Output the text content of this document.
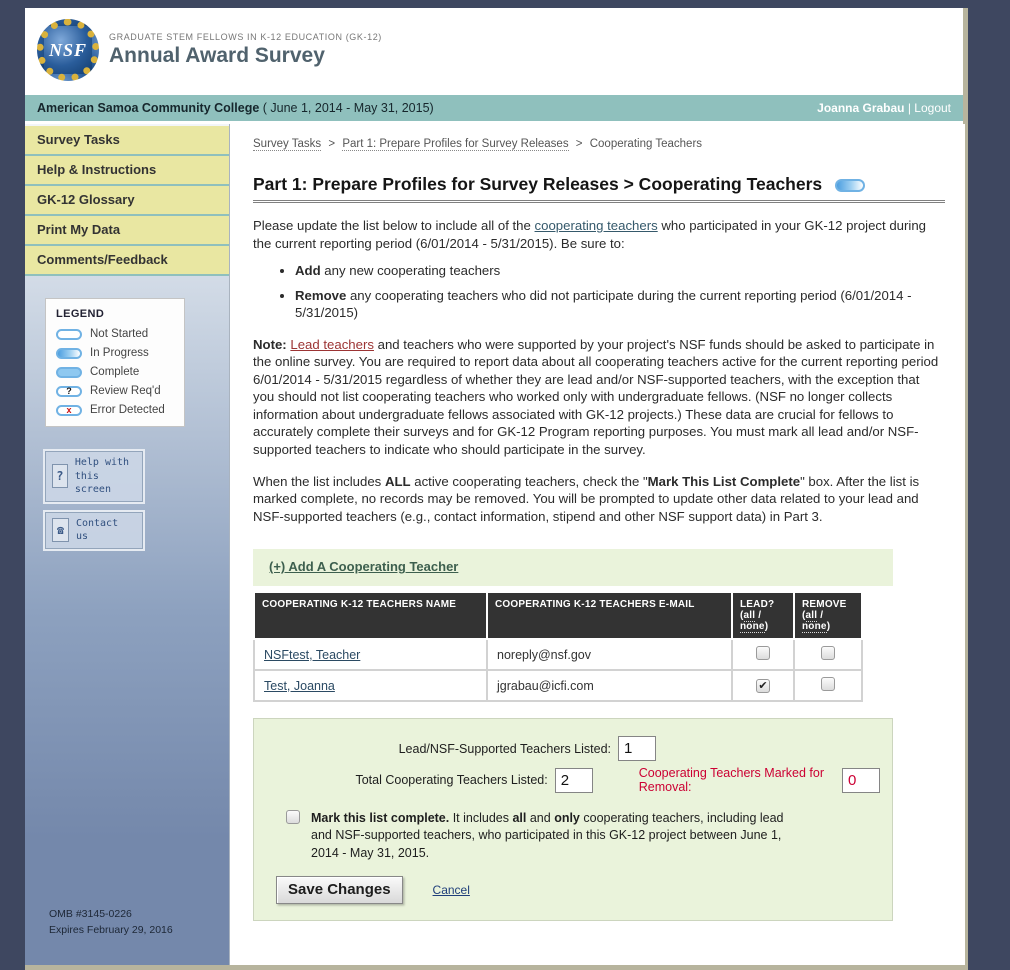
NSF
GRADUATE STEM FELLOWS IN K-12 EDUCATION (GK-12)
Annual Award Survey
American Samoa Community College ( June 1, 2014 - May 31, 2015)	Joanna Grabau | Logout
Survey Tasks
Help & Instructions
GK-12 Glossary
Print My Data
Comments/Feedback
LEGEND
Not Started
In Progress
Complete
? Review Req'd
x Error Detected
?
Help with
this screen
☎	Contact us
OMB #3145-0226
Expires February 29, 2016
Survey Tasks > Part 1: Prepare Profiles for Survey Releases > Cooperating Teachers
Part 1: Prepare Profiles for Survey Releases > Cooperating Teachers

Please update the list below to include all of the cooperating teachers who participated in your GK-12 project during the current reporting period (6/01/2014 - 5/31/2015). Be sure to:

• Add any new cooperating teachers
• Remove any cooperating teachers who did not participate during the current reporting period (6/01/2014 - 5/31/2015)

Note: Lead teachers and teachers who were supported by your project's NSF funds should be asked to participate in the online survey. You are required to report data about all cooperating teachers active for the current reporting period 6/01/2014 - 5/31/2015 regardless of whether they are lead and/or NSF-supported teachers, with the exception that you should not list cooperating teachers who worked only with undergraduate fellows. (NSF no longer collects information about undergraduate fellows associated with GK-12 projects.) These data are crucial for fellows to accurately complete their surveys and for GK-12 Program reporting purposes. You must mark all lead and/or NSF-supported teachers to indicate who should participate in the survey.

When the list includes ALL active cooperating teachers, check the "Mark This List Complete" box. After the list is marked complete, no records may be removed. You will be prompted to update other data related to your lead and NSF-supported teachers (e.g., contact information, stipend and other NSF support data) in Part 3.

(+) Add A Cooperating Teacher
COOPERATING K-12 TEACHERS NAME	COOPERATING K-12 TEACHERS E-MAIL	LEAD?
(all /
none)	REMOVE
(all /
none)
NSFtest, Teacher	noreply@nsf.gov		
Test, Joanna	jgrabau@icfi.com	✔	
Lead/NSF-Supported Teachers Listed:
1
Total Cooperating Teachers Listed:
2	Cooperating Teachers Marked for Removal:
0
Mark this list complete. It includes all and only cooperating teachers, including lead and NSF-supported teachers, who participated in this GK-12 project between June 1, 2014 - May 31, 2015.
Save Changes	Cancel
